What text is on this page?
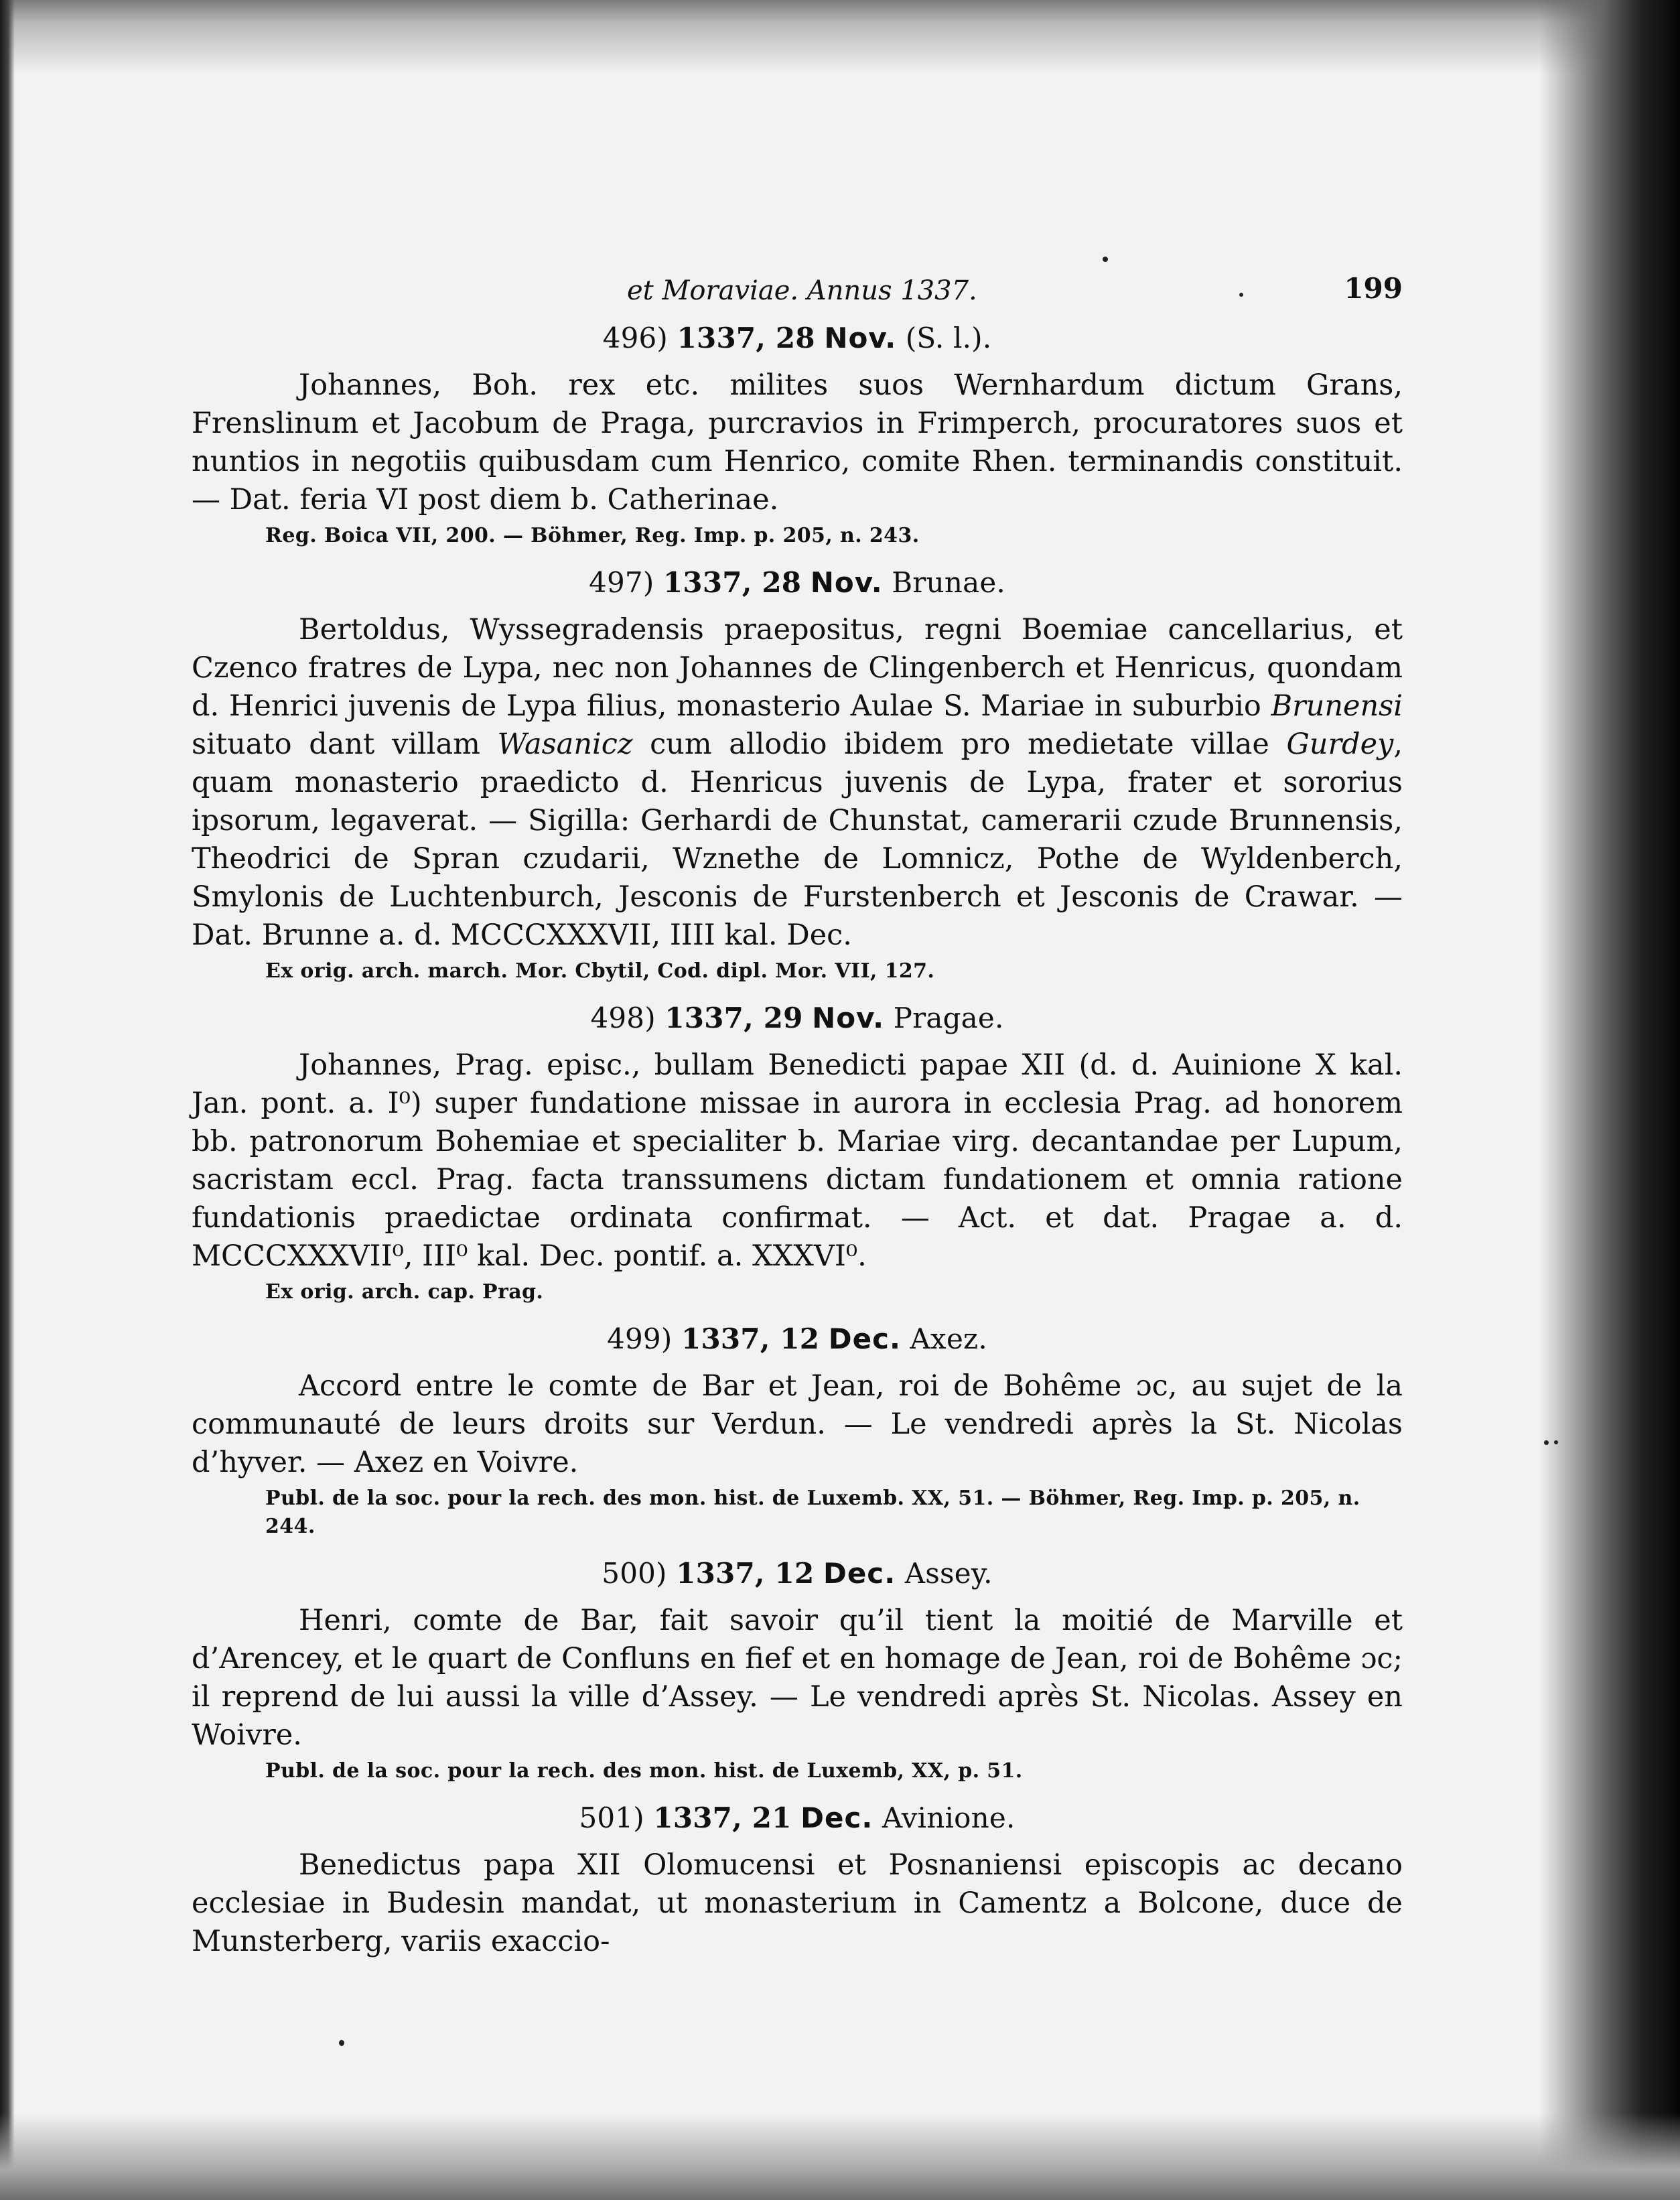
et Moraviae. Annus 1337.	199
496) 1337, 28 Nov. (S. l.).

Johannes, Boh. rex etc. milites suos Wernhardum dictum Grans, Frenslinum et Jacobum de Praga, purcravios in Frimperch, procuratores suos et nuntios in negotiis quibusdam cum Henrico, comite Rhen. terminandis constituit. — Dat. feria VI post diem b. Catherinae.

Reg. Boica VII, 200. — Böhmer, Reg. Imp. p. 205, n. 243.
497) 1337, 28 Nov. Brunae.

Bertoldus, Wyssegradensis praepositus, regni Boemiae cancellarius, et Czenco fratres de Lypa, nec non Johannes de Clingenberch et Henricus, quondam d. Henrici juvenis de Lypa filius, monasterio Aulae S. Mariae in suburbio Brunensi situato dant villam Wasanicz cum allodio ibidem pro medietate villae Gurdey, quam monasterio praedicto d. Henricus juvenis de Lypa, frater et sororius ipsorum, legaverat. — Sigilla: Gerhardi de Chunstat, camerarii czude Brunnensis, Theodrici de Spran czudarii, Wznethe de Lomnicz, Pothe de Wyldenberch, Smylonis de Luchtenburch, Jesconis de Furstenberch et Jesconis de Crawar. — Dat. Brunne a. d. MCCCXXXVII, IIII kal. Dec.

Ex orig. arch. march. Mor. Cbytil, Cod. dipl. Mor. VII, 127.
498) 1337, 29 Nov. Pragae.

Johannes, Prag. episc., bullam Benedicti papae XII (d. d. Auinione X kal. Jan. pont. a. I⁰) super fundatione missae in aurora in ecclesia Prag. ad honorem bb. patronorum Bohemiae et specialiter b. Mariae virg. decantandae per Lupum, sacristam eccl. Prag. facta transsumens dictam fundationem et omnia ratione fundationis praedictae ordinata confirmat. — Act. et dat. Pragae a. d. MCCCXXXVII⁰, III⁰ kal. Dec. pontif. a. XXXVI⁰.

Ex orig. arch. cap. Prag.
499) 1337, 12 Dec. Axez.

Accord entre le comte de Bar et Jean, roi de Bohême ɔc, au sujet de la communauté de leurs droits sur Verdun. — Le vendredi après la St. Nicolas d’hyver. — Axez en Voivre.

Publ. de la soc. pour la rech. des mon. hist. de Luxemb. XX, 51. — Böhmer, Reg. Imp. p. 205, n. 244.
500) 1337, 12 Dec. Assey.

Henri, comte de Bar, fait savoir qu’il tient la moitié de Marville et d’Arencey, et le quart de Confluns en fief et en homage de Jean, roi de Bohême ɔc; il reprend de lui aussi la ville d’Assey. — Le vendredi après St. Nicolas. Assey en Woivre.

Publ. de la soc. pour la rech. des mon. hist. de Luxemb, XX, p. 51.
501) 1337, 21 Dec. Avinione.

Benedictus papa XII Olomucensi et Posnaniensi episcopis ac decano ecclesiae in Budesin mandat, ut monasterium in Camentz a Bolcone, duce de Munsterberg, variis exaccio-
